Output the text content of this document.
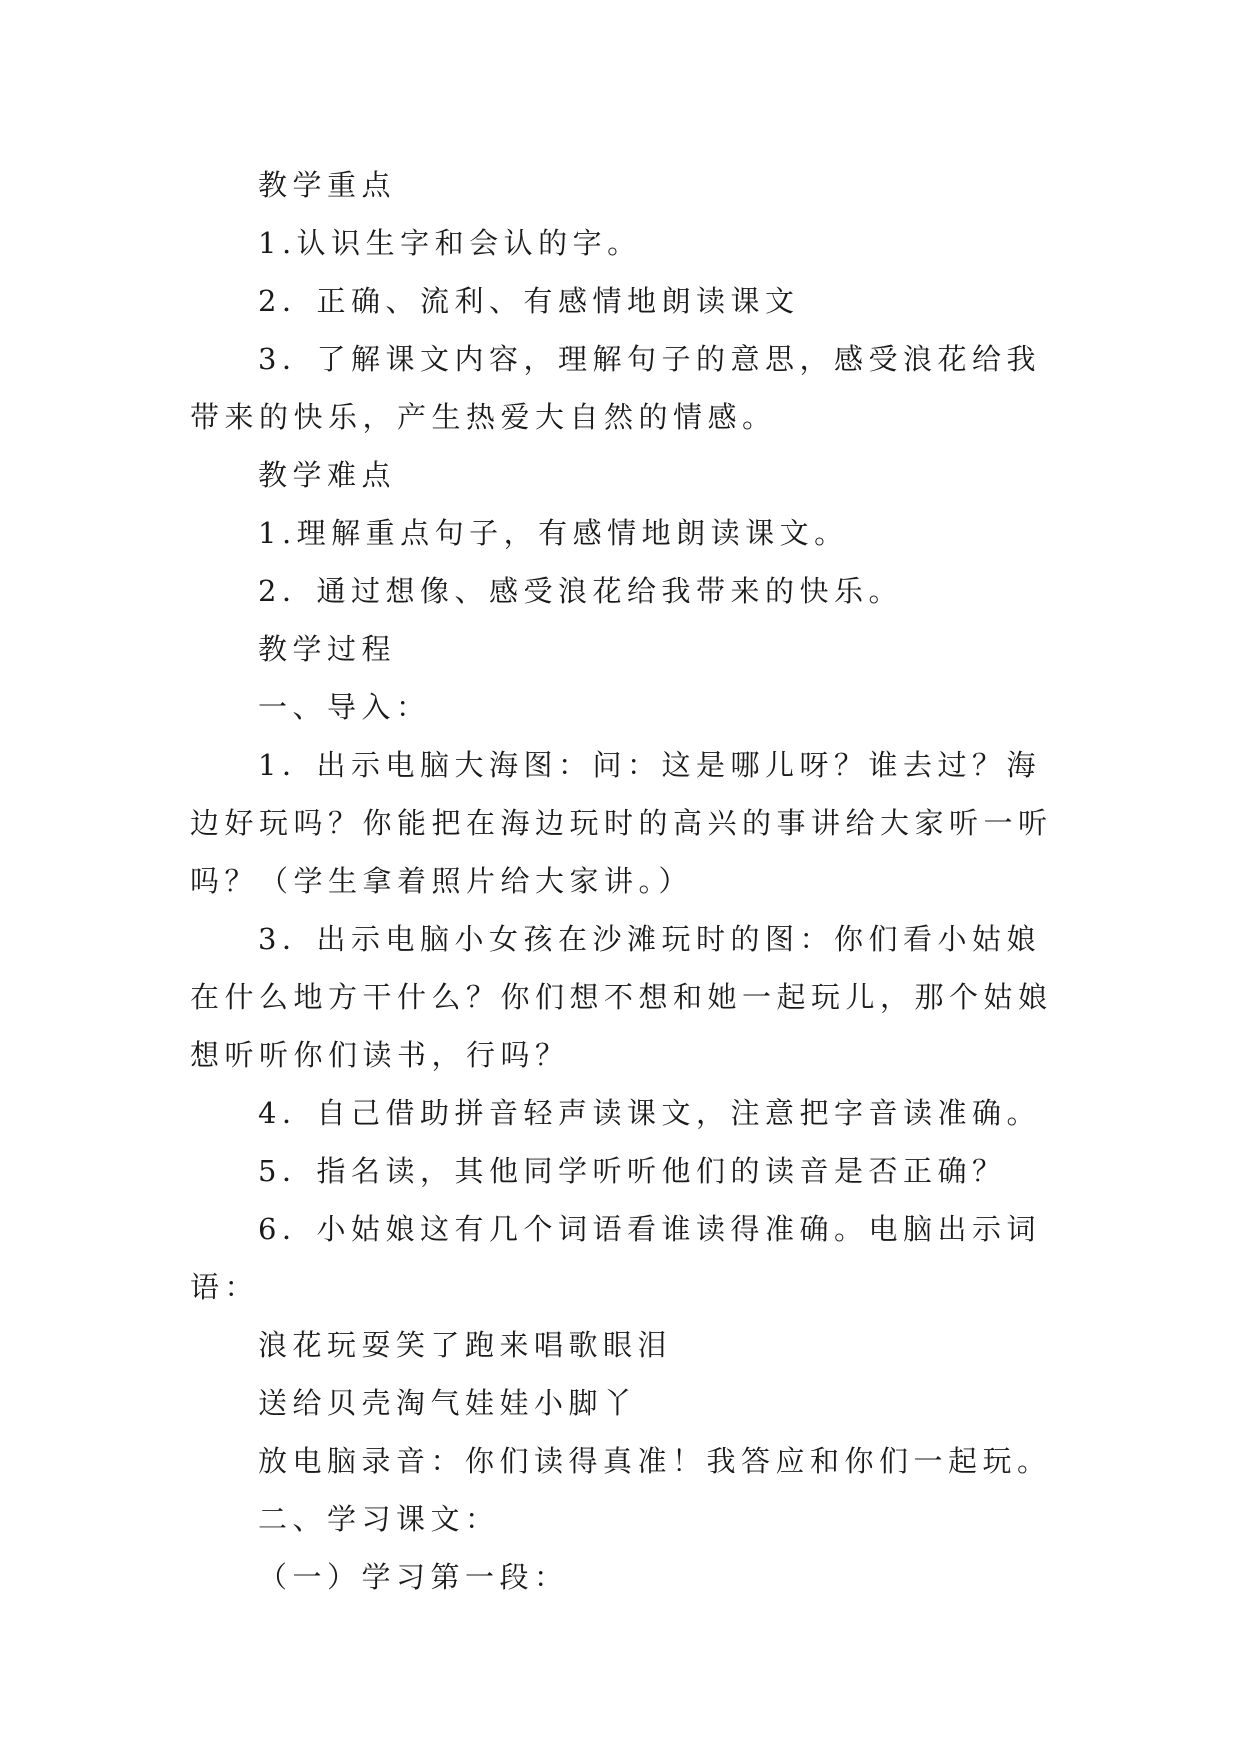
教学重点

1.认识生字和会认的字。

2．正确、流利、有感情地朗读课文

3．了解课文内容，理解句子的意思，感受浪花给我带来的快乐，产生热爱大自然的情感。

教学难点

1.理解重点句子，有感情地朗读课文。

2．通过想像、感受浪花给我带来的快乐。

教学过程

一、导入：

1．出示电脑大海图：问：这是哪儿呀？谁去过？海边好玩吗？你能把在海边玩时的高兴的事讲给大家听一听吗？（学生拿着照片给大家讲。）

3．出示电脑小女孩在沙滩玩时的图：你们看小姑娘在什么地方干什么？你们想不想和她一起玩儿，那个姑娘想听听你们读书，行吗？

4．自己借助拼音轻声读课文，注意把字音读准确。

5．指名读，其他同学听听他们的读音是否正确？

6．小姑娘这有几个词语看谁读得准确。电脑出示词语：

浪花玩耍笑了跑来唱歌眼泪

送给贝壳淘气娃娃小脚丫

放电脑录音：你们读得真准！我答应和你们一起玩。

二、学习课文：

（一）学习第一段：
